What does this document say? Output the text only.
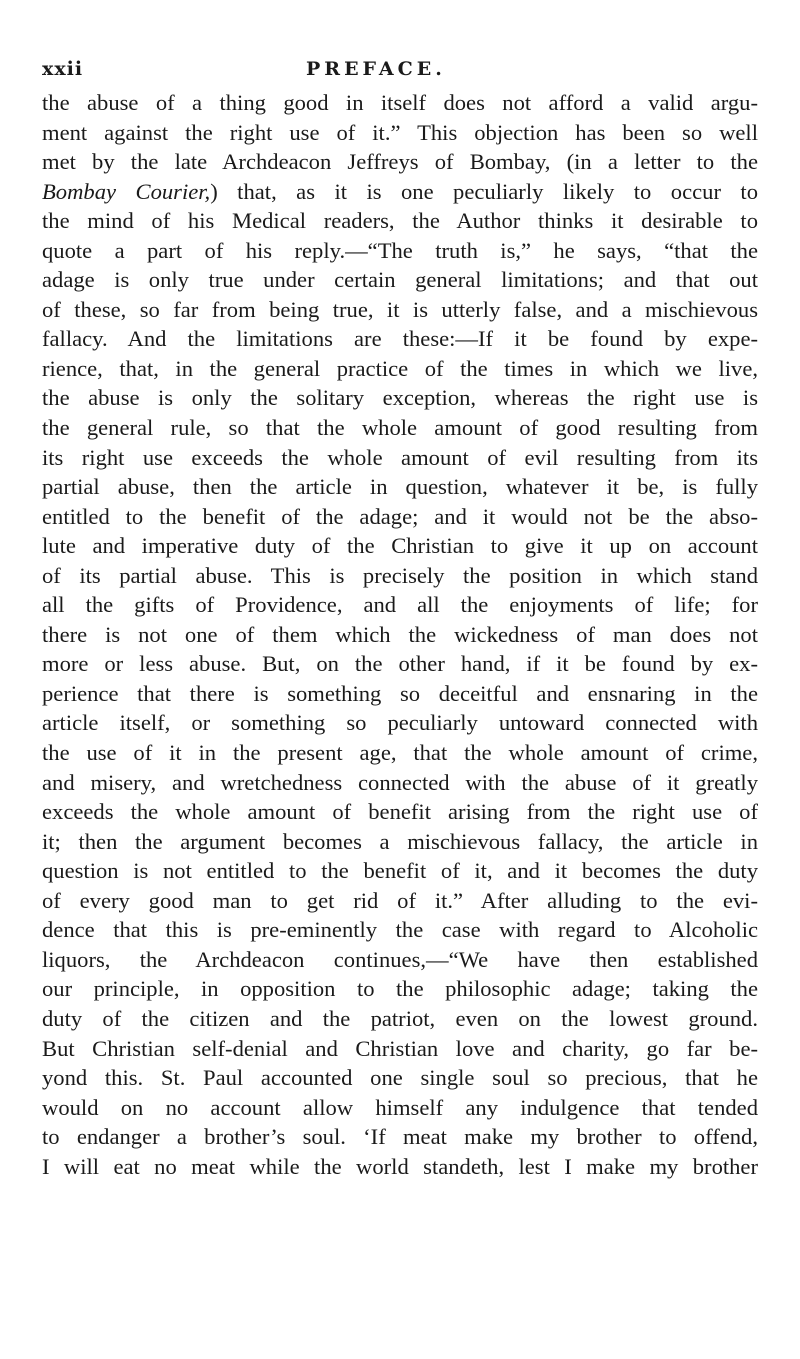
xxii	PREFACE.
the abuse of a thing good in itself does not afford a valid argu-
ment against the right use of it.” This objection has been so well
met by the late Archdeacon Jeffreys of Bombay, (in a letter to the
Bombay Courier,) that, as it is one peculiarly likely to occur to
the mind of his Medical readers, the Author thinks it desirable to
quote a part of his reply.—“The truth is,” he says, “that the
adage is only true under certain general limitations; and that out
of these, so far from being true, it is utterly false, and a mischievous
fallacy. And the limitations are these:—If it be found by expe-
rience, that, in the general practice of the times in which we live,
the abuse is only the solitary exception, whereas the right use is
the general rule, so that the whole amount of good resulting from
its right use exceeds the whole amount of evil resulting from its
partial abuse, then the article in question, whatever it be, is fully
entitled to the benefit of the adage; and it would not be the abso-
lute and imperative duty of the Christian to give it up on account
of its partial abuse. This is precisely the position in which stand
all the gifts of Providence, and all the enjoyments of life; for
there is not one of them which the wickedness of man does not
more or less abuse. But, on the other hand, if it be found by ex-
perience that there is something so deceitful and ensnaring in the
article itself, or something so peculiarly untoward connected with
the use of it in the present age, that the whole amount of crime,
and misery, and wretchedness connected with the abuse of it greatly
exceeds the whole amount of benefit arising from the right use of
it; then the argument becomes a mischievous fallacy, the article in
question is not entitled to the benefit of it, and it becomes the duty
of every good man to get rid of it.” After alluding to the evi-
dence that this is pre-eminently the case with regard to Alcoholic
liquors, the Archdeacon continues,—“We have then established
our principle, in opposition to the philosophic adage; taking the
duty of the citizen and the patriot, even on the lowest ground.
But Christian self-denial and Christian love and charity, go far be-
yond this. St. Paul accounted one single soul so precious, that he
would on no account allow himself any indulgence that tended
to endanger a brother’s soul. ‘If meat make my brother to offend,
I will eat no meat while the world standeth, lest I make my brother
